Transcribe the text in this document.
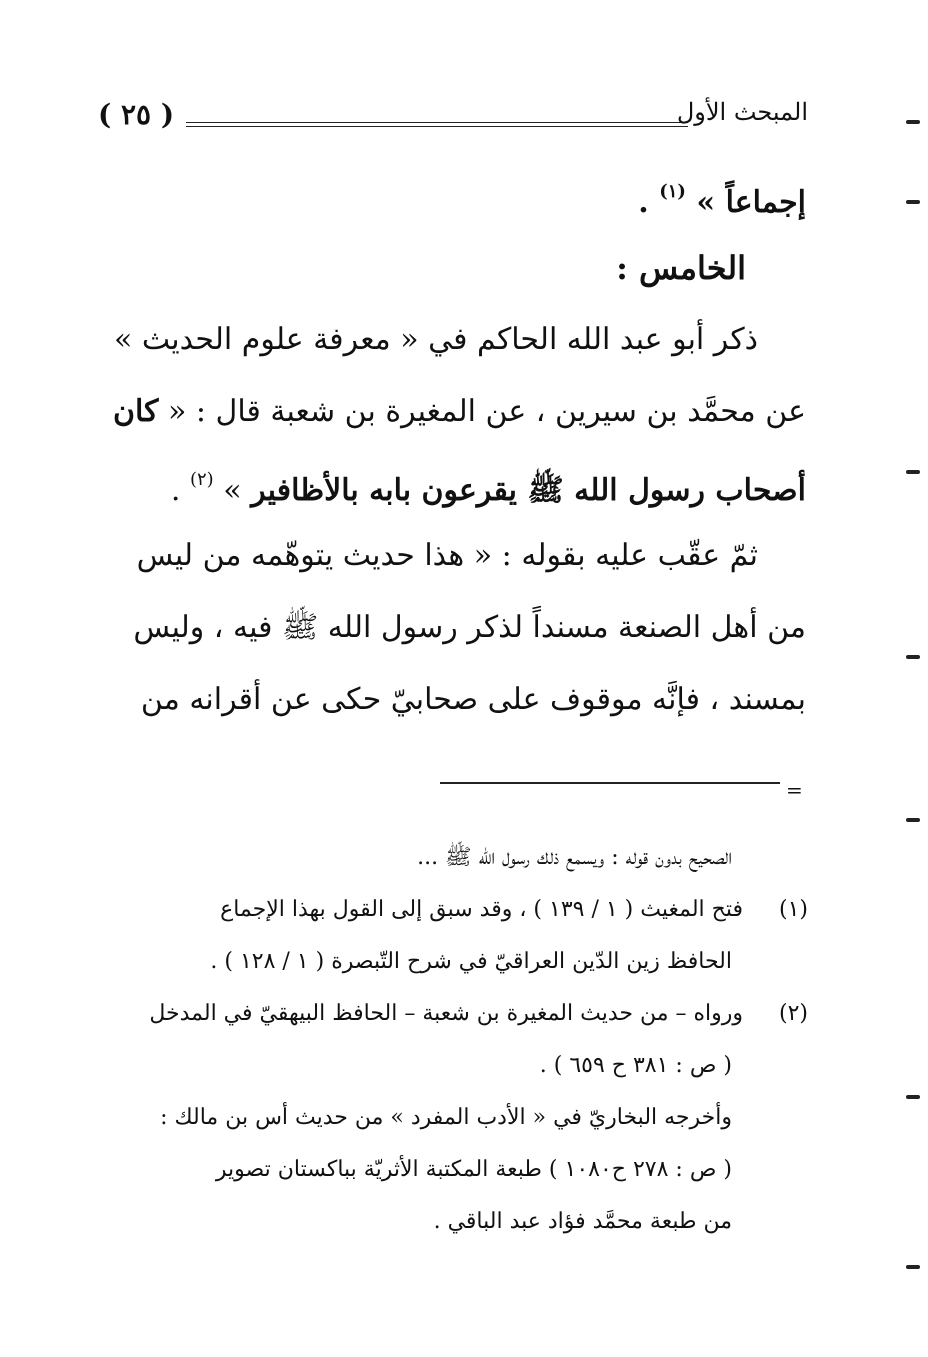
( ٢٥ )	المبحث الأول
إجماعاً » $^{(١)}$ .
الخامس :
ذكر أبو عبد الله الحاكم في « معرفة علوم الحديث »
عن محمَّد بن سيرين ، عن المغيرة بن شعبة قال : « كان
أصحاب رسول الله ﷺ يقرعون بابه بالأظافير » $^{(٢)}$ .
ثمّ عقّب عليه بقوله : « هذا حديث يتوهّمه من ليس
من أهل الصنعة مسنداً لذكر رسول الله ﷺ فيه ، وليس
بمسند ، فإنَّه موقوف على صحابيّ حكى عن أقرانه من
=
الصحيح بدون قوله : ويسمع ذلك رسول الله ﷺ ...
(١) فتح المغيث ( ١ / ١٣٩ ) ، وقد سبق إلى القول بهذا الإجماع
الحافظ زين الدّين العراقيّ في شرح التّبصرة ( ١ / ١٢٨ ) .
(٢) ورواه – من حديث المغيرة بن شعبة – الحافظ البيهقيّ في المدخل
( ص : ٣٨١ ح ٦٥٩ ) .
وأخرجه البخاريّ في « الأدب المفرد » من حديث أس بن مالك :
( ص : ٢٧٨ ح١٠٨٠ ) طبعة المكتبة الأثريّة بباكستان تصوير
من طبعة محمَّد فؤاد عبد الباقي .
